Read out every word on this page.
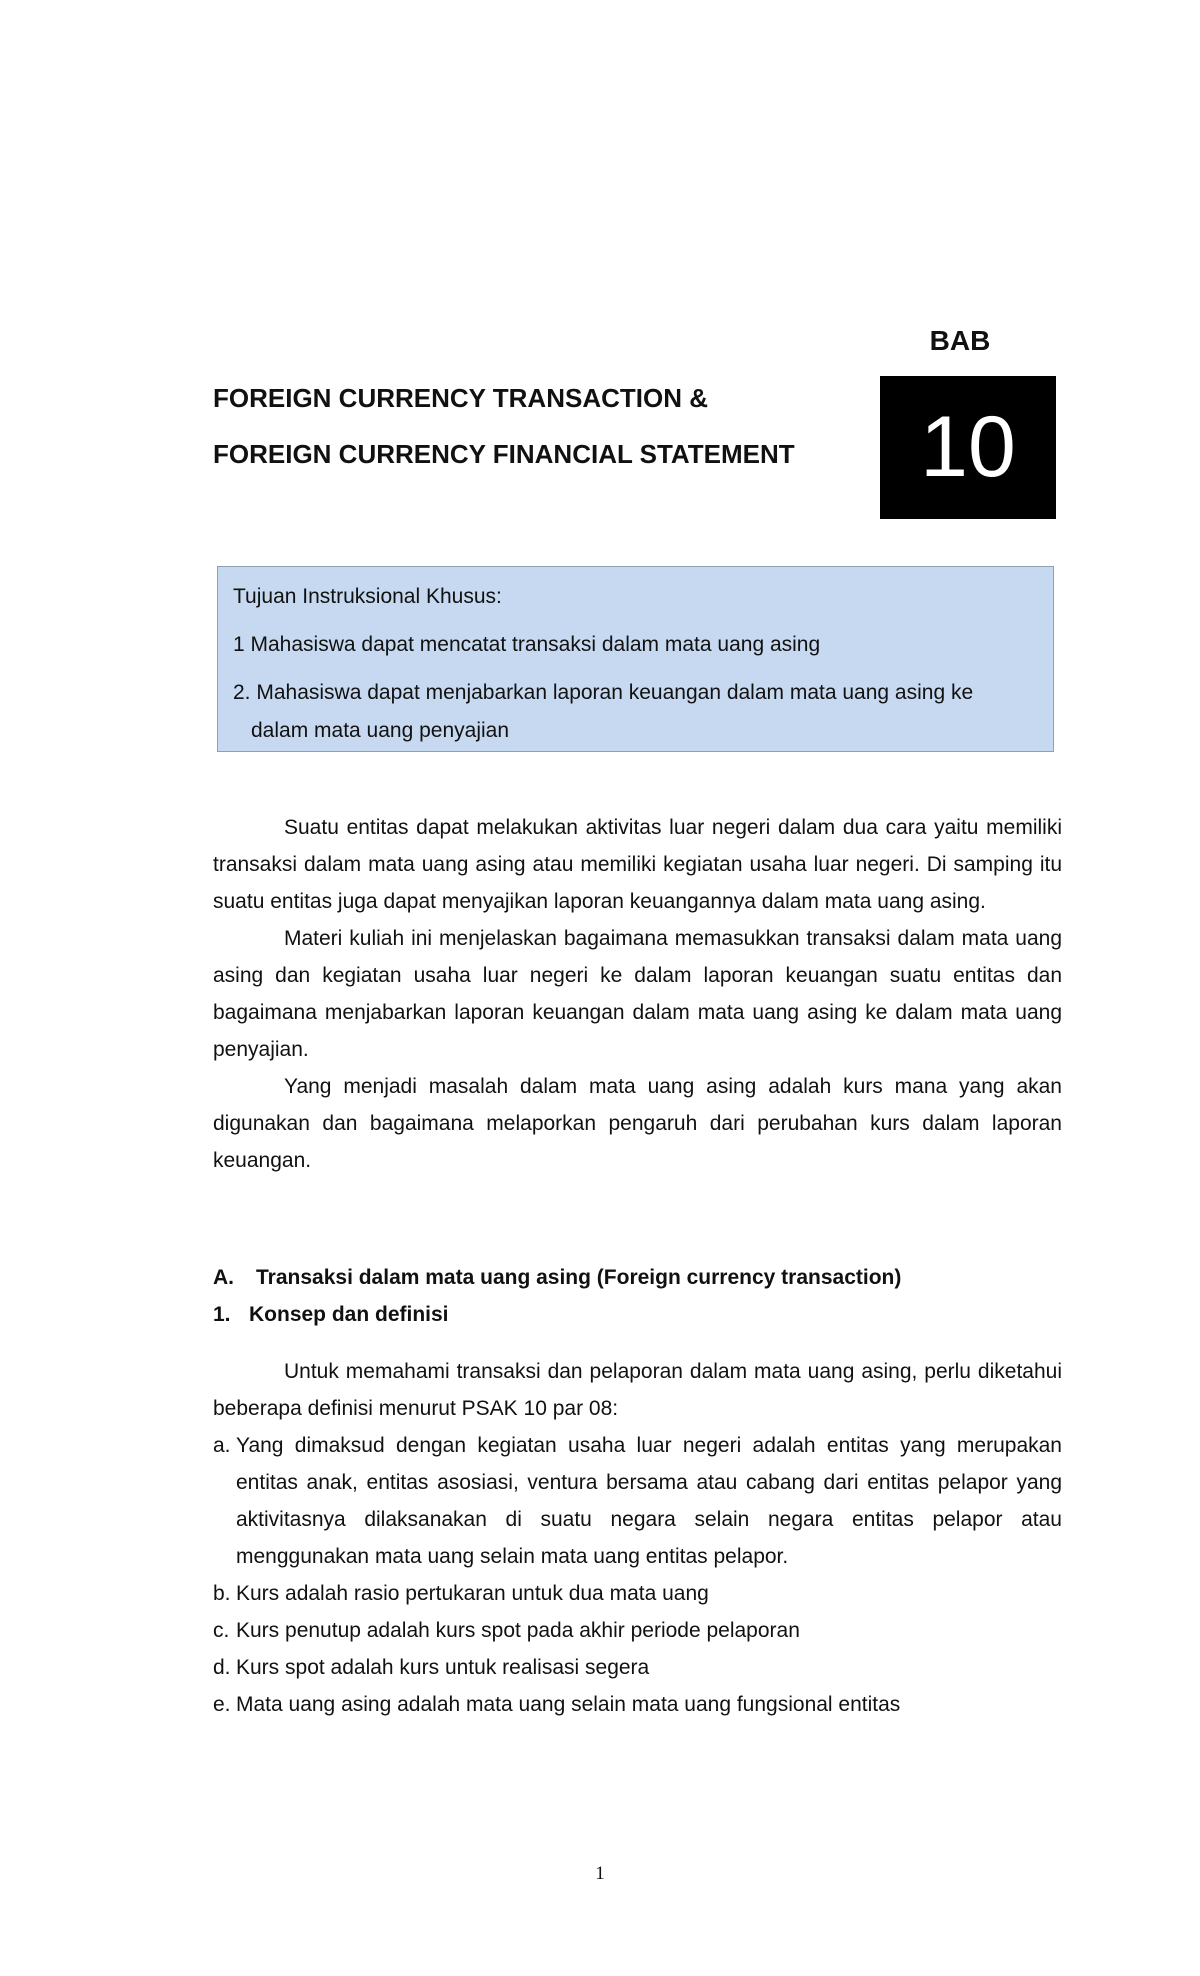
BAB
10
FOREIGN CURRENCY TRANSACTION &
FOREIGN CURRENCY FINANCIAL STATEMENT
Tujuan Instruksional Khusus:
1 Mahasiswa dapat mencatat transaksi dalam mata uang asing
2. Mahasiswa dapat menjabarkan laporan keuangan dalam mata uang asing ke
dalam mata uang penyajian

Suatu entitas dapat melakukan aktivitas luar negeri dalam dua cara yaitu memiliki transaksi dalam mata uang asing atau memiliki kegiatan usaha luar negeri. Di samping itu suatu entitas juga dapat menyajikan laporan keuangannya dalam mata uang asing.

Materi kuliah ini menjelaskan bagaimana memasukkan transaksi dalam mata uang asing dan kegiatan usaha luar negeri ke dalam laporan keuangan suatu entitas dan bagaimana menjabarkan laporan keuangan dalam mata uang asing ke dalam mata uang penyajian.

Yang menjadi masalah dalam mata uang asing adalah kurs mana yang akan digunakan dan bagaimana melaporkan pengaruh dari perubahan kurs dalam laporan keuangan.

A. Transaksi dalam mata uang asing (Foreign currency transaction)
1. Konsep dan definisi

Untuk memahami transaksi dan pelaporan dalam mata uang asing, perlu diketahui beberapa definisi menurut PSAK 10 par 08:

a. Yang dimaksud dengan kegiatan usaha luar negeri adalah entitas yang merupakan entitas anak, entitas asosiasi, ventura bersama atau cabang dari entitas pelapor yang aktivitasnya dilaksanakan di suatu negara selain negara entitas pelapor atau menggunakan mata uang selain mata uang entitas pelapor.
b. Kurs adalah rasio pertukaran untuk dua mata uang
c. Kurs penutup adalah kurs spot pada akhir periode pelaporan
d. Kurs spot adalah kurs untuk realisasi segera
e. Mata uang asing adalah mata uang selain mata uang fungsional entitas
1
